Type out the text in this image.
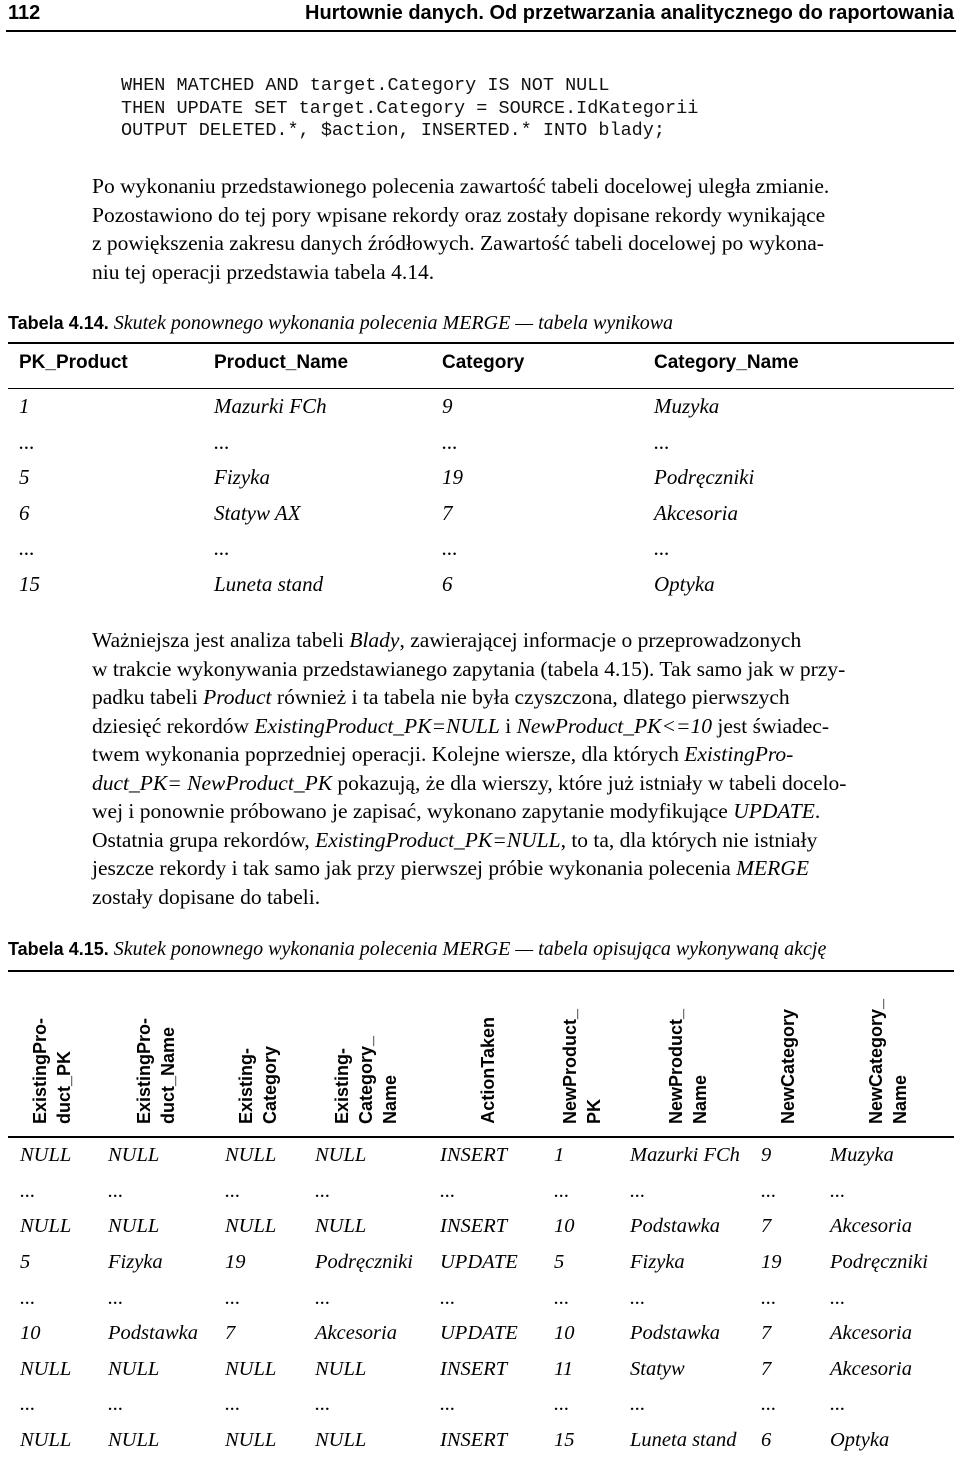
112	Hurtownie danych. Od przetwarzania analitycznego do raportowania
WHEN MATCHED AND target.Category IS NOT NULL
THEN UPDATE SET target.Category = SOURCE.IdKategorii
OUTPUT DELETED.*, $action, INSERTED.* INTO blady;
Po wykonaniu przedstawionego polecenia zawartość tabeli docelowej uległa zmianie.
Pozostawiono do tej pory wpisane rekordy oraz zostały dopisane rekordy wynikające
z powiększenia zakresu danych źródłowych. Zawartość tabeli docelowej po wykona-
niu tej operacji przedstawia tabela 4.14.
Tabela 4.14. Skutek ponownego wykonania polecenia MERGE — tabela wynikowa
PK_Product	Product_Name	Category	Category_Name
1	Mazurki FCh	9	Muzyka
...	...	...	...
5	Fizyka	19	Podręczniki
6	Statyw AX	7	Akcesoria
...	...	...	...
15	Luneta stand	6	Optyka
Ważniejsza jest analiza tabeli Blady, zawierającej informacje o przeprowadzonych
w trakcie wykonywania przedstawianego zapytania (tabela 4.15). Tak samo jak w przy-
padku tabeli Product również i ta tabela nie była czyszczona, dlatego pierwszych
dziesięć rekordów ExistingProduct_PK=NULL i NewProduct_PK<=10 jest świadec-
twem wykonania poprzedniej operacji. Kolejne wiersze, dla których ExistingPro-
duct_PK= NewProduct_PK pokazują, że dla wierszy, które już istniały w tabeli docelo-
wej i ponownie próbowano je zapisać, wykonano zapytanie modyfikujące UPDATE.
Ostatnia grupa rekordów, ExistingProduct_PK=NULL, to ta, dla których nie istniały
jeszcze rekordy i tak samo jak przy pierwszej próbie wykonania polecenia MERGE
zostały dopisane do tabeli.
Tabela 4.15. Skutek ponownego wykonania polecenia MERGE — tabela opisująca wykonywaną akcję
ExistingPro- duct_PK	ExistingPro- duct_Name	Existing- Category	Existing- Category_ Name	ActionTaken	NewProduct_ PK	NewProduct_ Name	NewCategory	NewCategory_ Name
NULL	NULL	NULL	NULL	INSERT	1	Mazurki FCh	9	Muzyka
...	...	...	...	...	...	...	...	...
NULL	NULL	NULL	NULL	INSERT	10	Podstawka	7	Akcesoria
5	Fizyka	19	Podręczniki	UPDATE	5	Fizyka	19	Podręczniki
...	...	...	...	...	...	...	...	...
10	Podstawka	7	Akcesoria	UPDATE	10	Podstawka	7	Akcesoria
NULL	NULL	NULL	NULL	INSERT	11	Statyw	7	Akcesoria
...	...	...	...	...	...	...	...	...
NULL	NULL	NULL	NULL	INSERT	15	Luneta stand	6	Optyka
